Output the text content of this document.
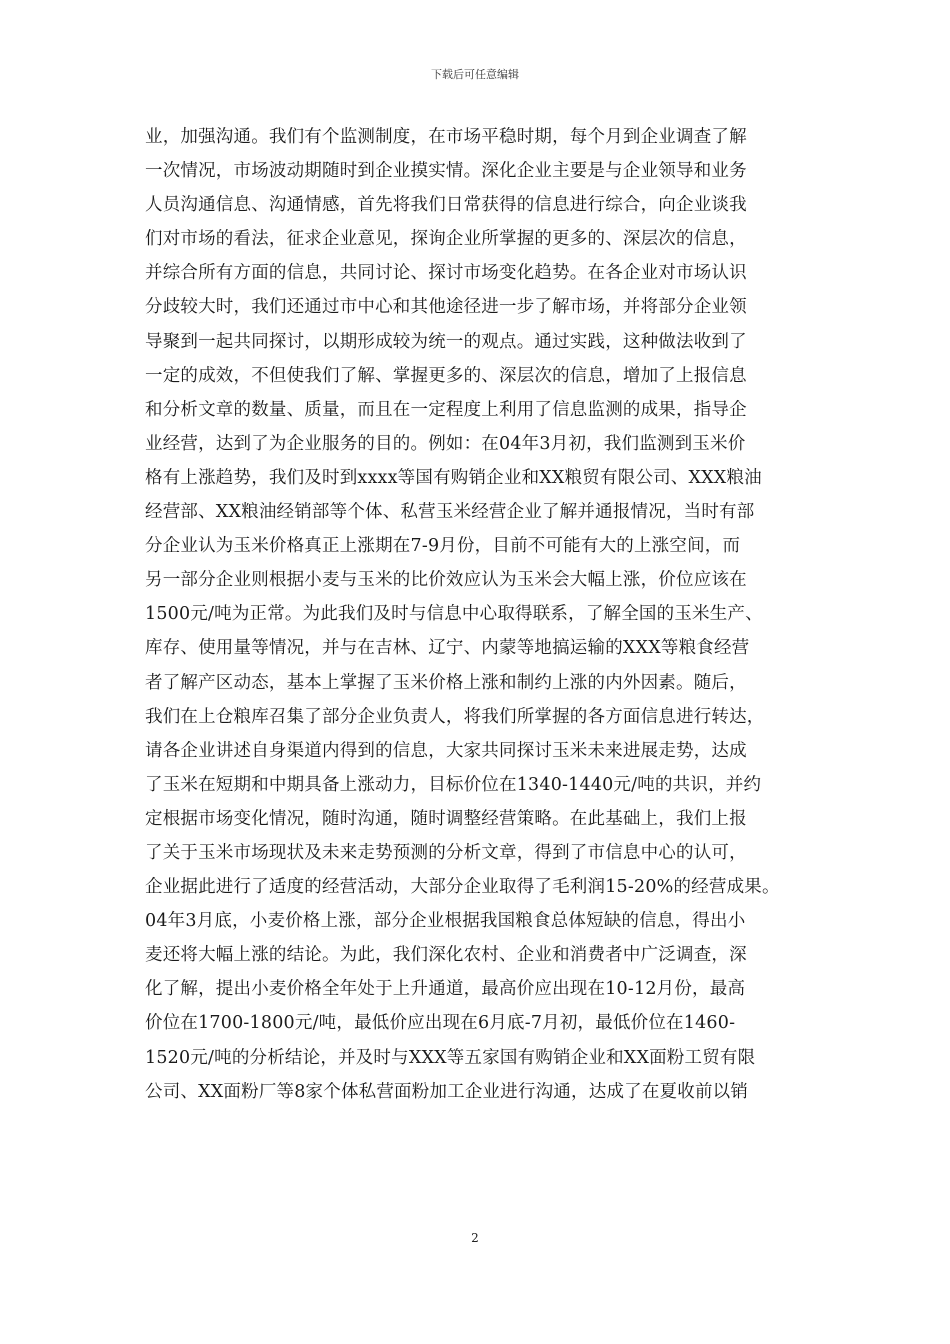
下载后可任意编辑
业，加强沟通。我们有个监测制度，在市场平稳时期，每个月到企业调查了解
一次情况，市场波动期随时到企业摸实情。深化企业主要是与企业领导和业务
人员沟通信息、沟通情感，首先将我们日常获得的信息进行综合，向企业谈我
们对市场的看法，征求企业意见，探询企业所掌握的更多的、深层次的信息，
并综合所有方面的信息，共同讨论、探讨市场变化趋势。在各企业对市场认识
分歧较大时，我们还通过市中心和其他途径进一步了解市场，并将部分企业领
导聚到一起共同探讨，以期形成较为统一的观点。通过实践，这种做法收到了
一定的成效，不但使我们了解、掌握更多的、深层次的信息，增加了上报信息
和分析文章的数量、质量，而且在一定程度上利用了信息监测的成果，指导企
业经营，达到了为企业服务的目的。例如：在04年3月初，我们监测到玉米价
格有上涨趋势，我们及时到xxxx等国有购销企业和XX粮贸有限公司、XXX粮油
经营部、XX粮油经销部等个体、私营玉米经营企业了解并通报情况，当时有部
分企业认为玉米价格真正上涨期在7-9月份，目前不可能有大的上涨空间，而
另一部分企业则根据小麦与玉米的比价效应认为玉米会大幅上涨，价位应该在
1500元/吨为正常。为此我们及时与信息中心取得联系，了解全国的玉米生产、
库存、使用量等情况，并与在吉林、辽宁、内蒙等地搞运输的XXX等粮食经营
者了解产区动态，基本上掌握了玉米价格上涨和制约上涨的内外因素。随后，
我们在上仓粮库召集了部分企业负责人，将我们所掌握的各方面信息进行转达，
请各企业讲述自身渠道内得到的信息，大家共同探讨玉米未来进展走势，达成
了玉米在短期和中期具备上涨动力，目标价位在1340-1440元/吨的共识，并约
定根据市场变化情况，随时沟通，随时调整经营策略。在此基础上，我们上报
了关于玉米市场现状及未来走势预测的分析文章，得到了市信息中心的认可，
企业据此进行了适度的经营活动，大部分企业取得了毛利润15-20%的经营成果。
04年3月底，小麦价格上涨，部分企业根据我国粮食总体短缺的信息，得出小
麦还将大幅上涨的结论。为此，我们深化农村、企业和消费者中广泛调查，深
化了解，提出小麦价格全年处于上升通道，最高价应出现在10-12月份，最高
价位在1700-1800元/吨，最低价应出现在6月底-7月初，最低价位在1460-
1520元/吨的分析结论，并及时与XXX等五家国有购销企业和XX面粉工贸有限
公司、XX面粉厂等8家个体私营面粉加工企业进行沟通，达成了在夏收前以销
2
